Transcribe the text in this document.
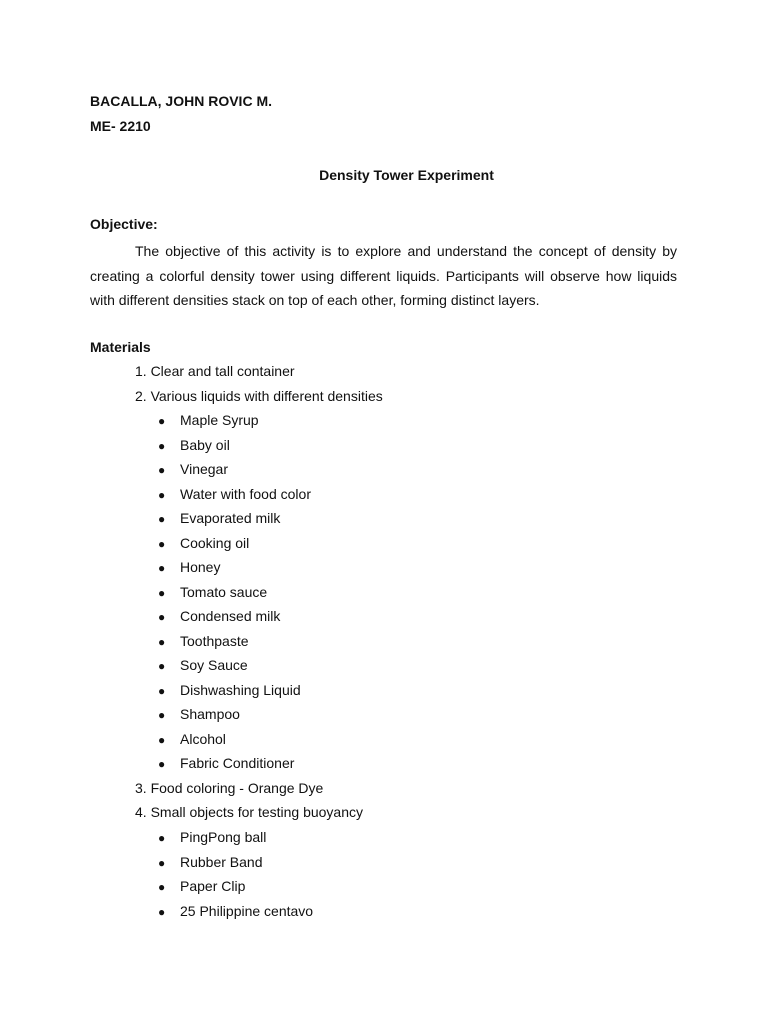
BACALLA, JOHN ROVIC M.
ME- 2210
Density Tower Experiment
Objective:
The objective of this activity is to explore and understand the concept of density by creating a colorful density tower using different liquids. Participants will observe how liquids with different densities stack on top of each other, forming distinct layers.
Materials
1. Clear and tall container
2. Various liquids with different densities
● Maple Syrup
● Baby oil
● Vinegar
● Water with food color
● Evaporated milk
● Cooking oil
● Honey
● Tomato sauce
● Condensed milk
● Toothpaste
● Soy Sauce
● Dishwashing Liquid
● Shampoo
● Alcohol
● Fabric Conditioner
3. Food coloring - Orange Dye
4. Small objects for testing buoyancy
● PingPong ball
● Rubber Band
● Paper Clip
● 25 Philippine centavo
